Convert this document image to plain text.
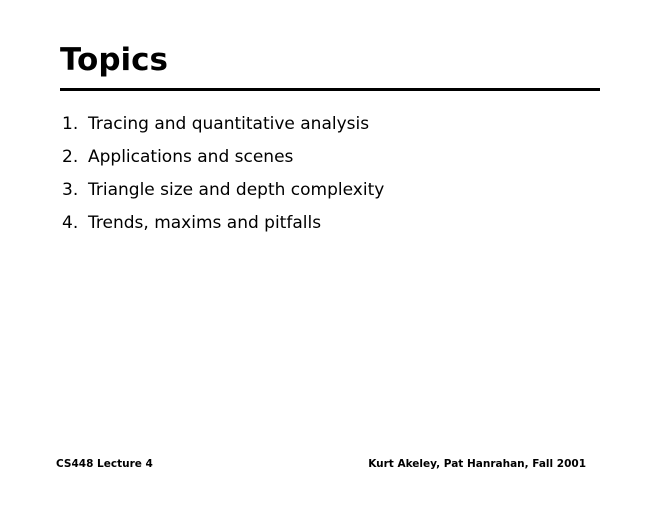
Topics
1. Tracing and quantitative analysis
2. Applications and scenes
3. Triangle size and depth complexity
4. Trends, maxims and pitfalls
CS448 Lecture 4	Kurt Akeley, Pat Hanrahan, Fall 2001
